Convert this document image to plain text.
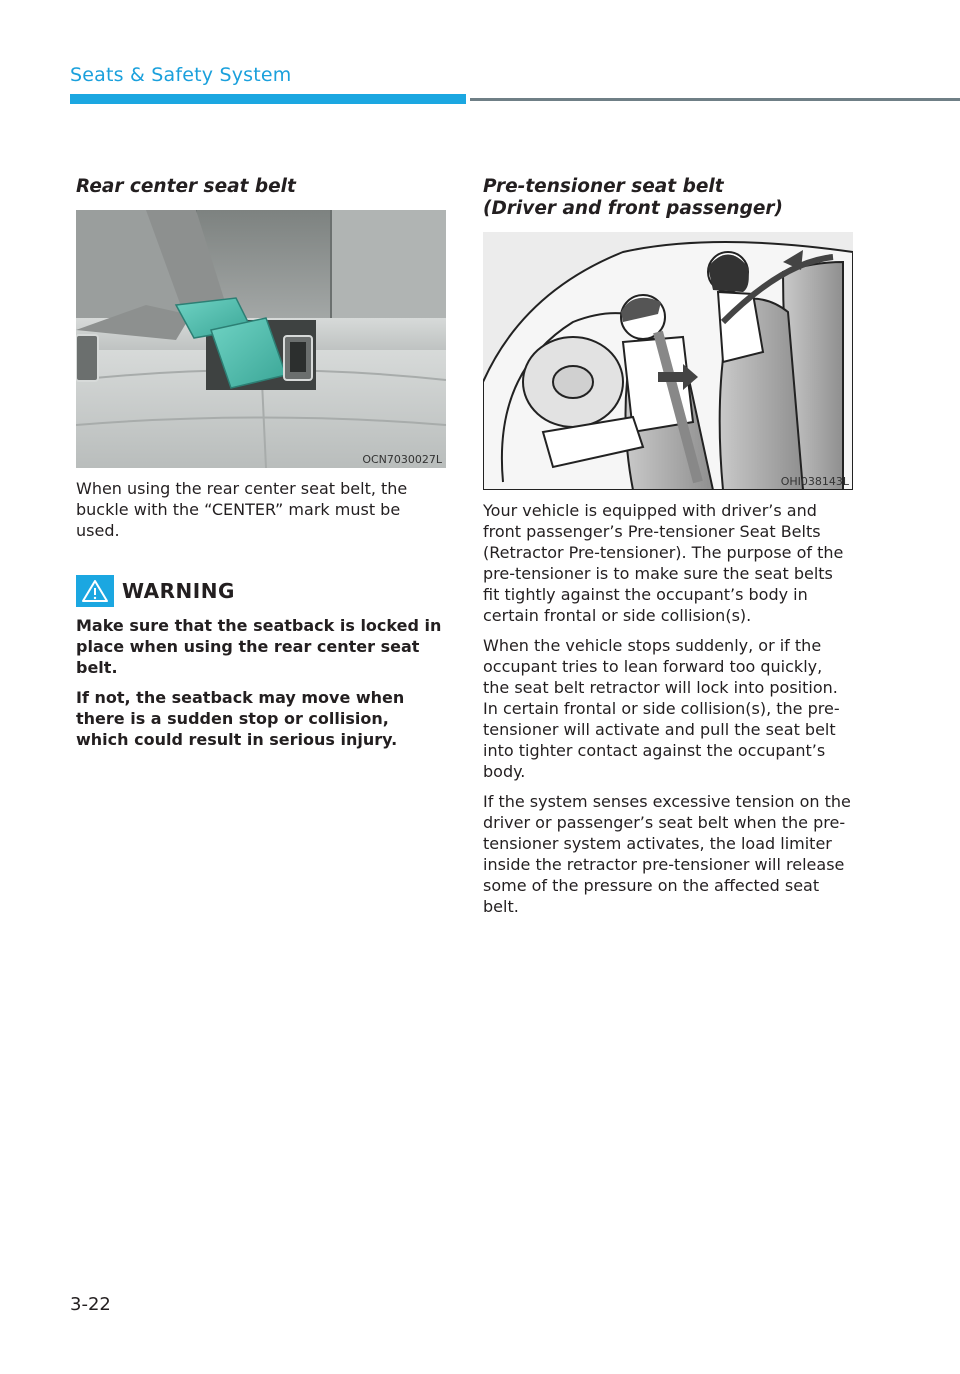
Seats & Safety System
Rear center seat belt
OCN7030027L
When using the rear center seat belt, the buckle with the “CENTER” mark must be used.
WARNING
Make sure that the seatback is locked in place when using the rear center seat belt.
If not, the seatback may move when there is a sudden stop or collision, which could result in serious injury.
Pre-tensioner seat belt
(Driver and front passenger)
OHI038143L
Your vehicle is equipped with driver’s and front passenger’s Pre-tensioner Seat Belts (Retractor Pre-tensioner). The purpose of the pre-tensioner is to make sure the seat belts fit tightly against the occupant’s body in certain frontal or side collision(s).
When the vehicle stops suddenly, or if the occupant tries to lean forward too quickly, the seat belt retractor will lock into position. In certain frontal or side collision(s), the pre-tensioner will activate and pull the seat belt into tighter contact against the occupant’s body.
If the system senses excessive tension on the driver or passenger’s seat belt when the pre-tensioner system activates, the load limiter inside the retractor pre-tensioner will release some of the pressure on the affected seat belt.
3-22
